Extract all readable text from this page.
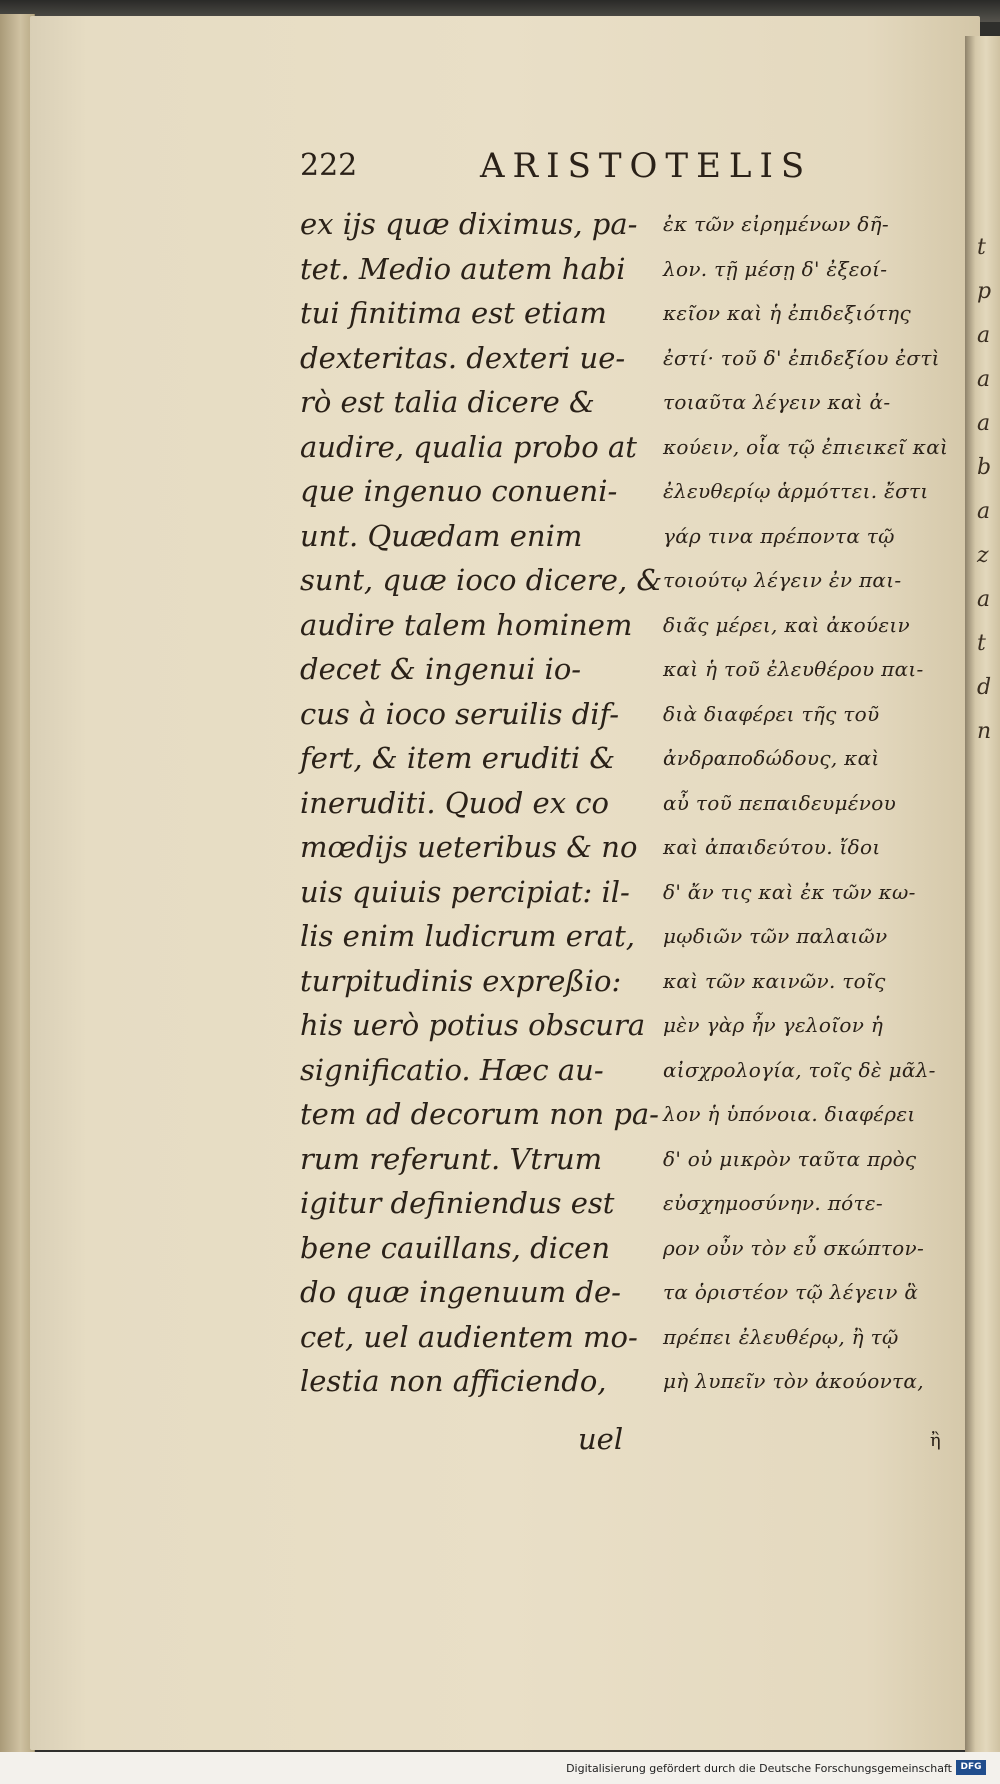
t
p
a
a
a
b
a
z
a
t
d
n
222	ARISTOTELIS
ex ijs quæ diximus, pa-
tet. Medio autem habi
tui finitima est etiam
dexteritas. dexteri ue-
rò est talia dicere &
audire, qualia probo at
que ingenuo conueni-
unt. Quædam enim
sunt, quæ ioco dicere, &
audire talem hominem
decet & ingenui io-
cus à ioco seruilis dif-
fert, & item eruditi &
ineruditi. Quod ex co
mœdijs ueteribus & no
uis quiuis percipiat: il-
lis enim ludicrum erat,
turpitudinis expreßio:
his uerò potius obscura
significatio. Hæc au-
tem ad decorum non pa-
rum referunt. Vtrum
igitur definiendus est
bene cauillans, dicen
do quæ ingenuum de-
cet, uel audientem mo-
lestia non afficiendo,
ἐκ τῶν εἰρημένων δῆ-
λον. τῇ μέσῃ δ' ἐξεοί-
κεῖον καὶ ἡ ἐπιδεξιότης
ἐστί· τοῦ δ' ἐπιδεξίου ἐστὶ
τοιαῦτα λέγειν καὶ ἀ-
κούειν, οἷα τῷ ἐπιεικεῖ καὶ
ἐλευθερίῳ ἁρμόττει. ἔστι
γάρ τινα πρέποντα τῷ
τοιούτῳ λέγειν ἐν παι-
διᾶς μέρει, καὶ ἀκούειν
καὶ ἡ τοῦ ἐλευθέρου παι-
διὰ διαφέρει τῆς τοῦ
ἀνδραποδώδους, καὶ
αὖ τοῦ πεπαιδευμένου
καὶ ἀπαιδεύτου. ἴδοι
δ' ἄν τις καὶ ἐκ τῶν κω-
μῳδιῶν τῶν παλαιῶν
καὶ τῶν καινῶν. τοῖς
μὲν γὰρ ἦν γελοῖον ἡ
αἰσχρολογία, τοῖς δὲ μᾶλ-
λον ἡ ὑπόνοια. διαφέρει
δ' οὐ μικρὸν ταῦτα πρὸς
εὐσχημοσύνην. πότε-
ρον οὖν τὸν εὖ σκώπτον-
τα ὁριστέον τῷ λέγειν ἃ
πρέπει ἐλευθέρῳ, ἢ τῷ
μὴ λυπεῖν τὸν ἀκούοντα,
uel	ἢ
Digitalisierung gefördert durch die Deutsche Forschungsgemeinschaft DFG
